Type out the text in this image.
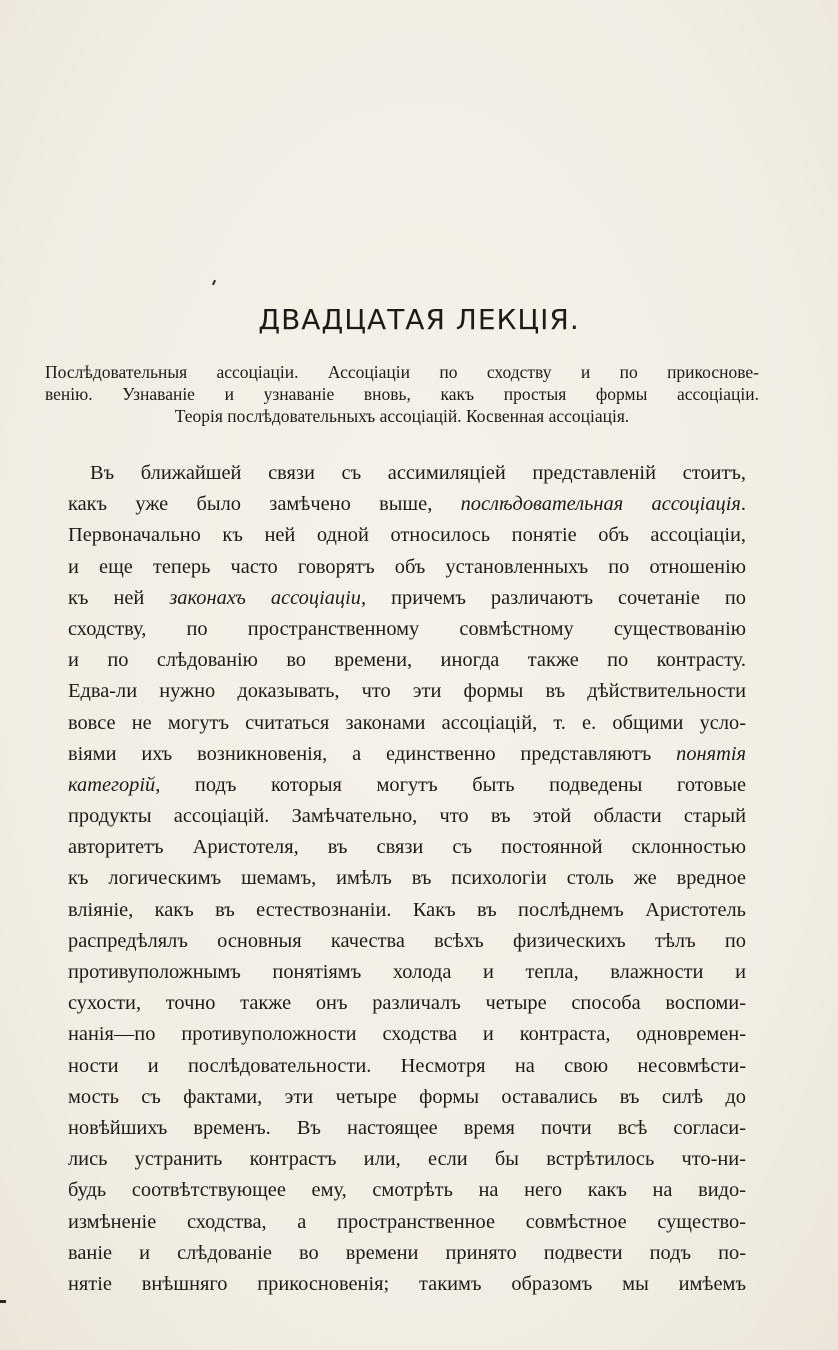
ДВАДЦАТАЯ ЛЕКЦІЯ.
Послѣдовательныя ассоціаціи. Ассоціаціи по сходству и по прикоснове-
венію. Узнаваніе и узнаваніе вновь, какъ простыя формы ассоціаціи.
Теорія послѣдовательныхъ ассоціацій. Косвенная ассоціація.
Въ ближайшей связи съ ассимиляціей представленій стоитъ,
какъ уже было замѣчено выше, послѣдовательная ассоціація.
Первоначально къ ней одной относилось понятіе объ ассоціаціи,
и еще теперь часто говорятъ объ установленныхъ по отношенію
къ ней законахъ ассоціаціи, причемъ различаютъ сочетаніе по
сходству, по пространственному совмѣстному существованію
и по слѣдованію во времени, иногда также по контрасту.
Едва-ли нужно доказывать, что эти формы въ дѣйствительности
вовсе не могутъ считаться законами ассоціацій, т. е. общими усло-
віями ихъ возникновенія, а единственно представляютъ понятія
категорій, подъ которыя могутъ быть подведены готовые
продукты ассоціацій. Замѣчательно, что въ этой области старый
авторитетъ Аристотеля, въ связи съ постоянной склонностью
къ логическимъ шемамъ, имѣлъ въ психологіи столь же вредное
вліяніе, какъ въ естествознаніи. Какъ въ послѣднемъ Аристотель
распредѣлялъ основныя качества всѣхъ физическихъ тѣлъ по
противуположнымъ понятіямъ холода и тепла, влажности и
сухости, точно также онъ различалъ четыре способа воспоми-
нанія—по противуположности сходства и контраста, одновремен-
ности и послѣдовательности. Несмотря на свою несовмѣсти-
мость съ фактами, эти четыре формы оставались въ силѣ до
новѣйшихъ временъ. Въ настоящее время почти всѣ согласи-
лись устранить контрастъ или, если бы встрѣтилось что-ни-
будь соотвѣтствующее ему, смотрѣть на него какъ на видо-
измѣненіе сходства, а пространственное совмѣстное существо-
ваніе и слѣдованіе во времени принято подвести подъ по-
нятіе внѣшняго прикосновенія; такимъ образомъ мы имѣемъ
